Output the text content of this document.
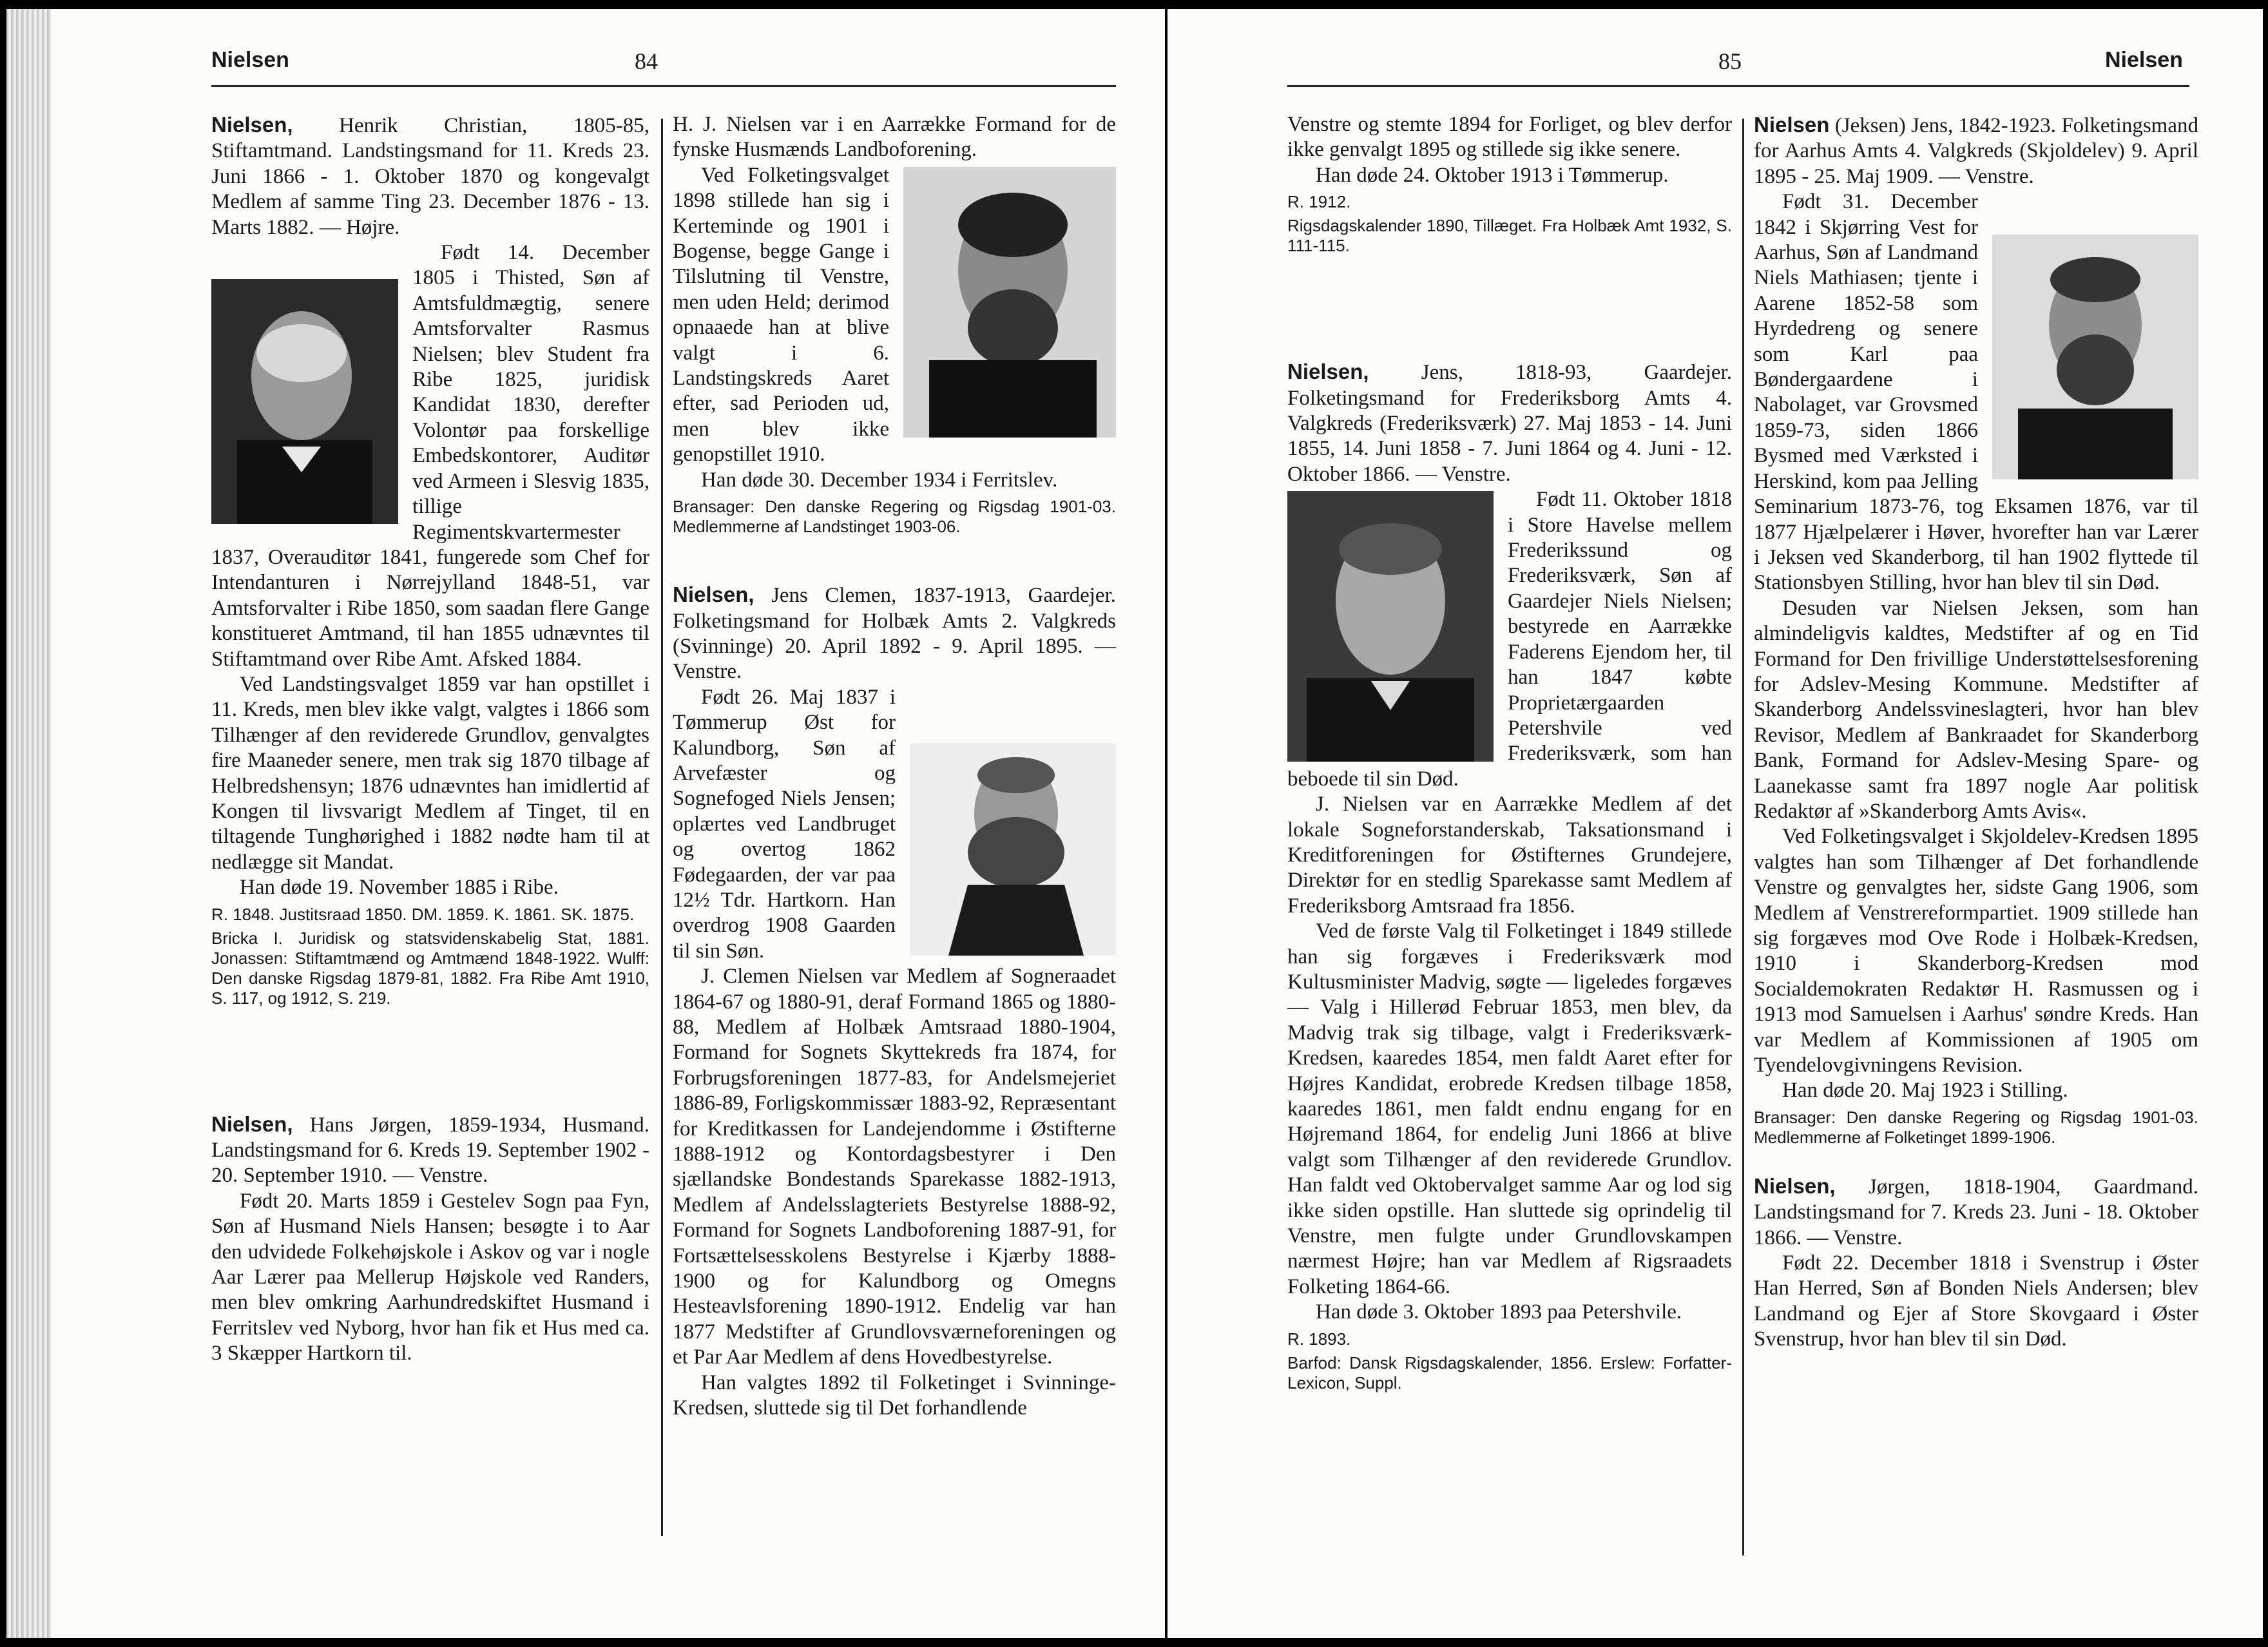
Nielsen	84

Nielsen, Henrik Christian, 1805-85, Stiftamtmand. Landstingsmand for 11. Kreds 23. Juni 1866 - 1. Oktober 1870 og kongevalgt Medlem af samme Ting 23. December 1876 - 13. Marts 1882. — Højre.

Født 14. December 1805 i Thisted, Søn af Amtsfuldmægtig, senere Amtsforvalter Rasmus Nielsen; blev Student fra Ribe 1825, juridisk Kandidat 1830, derefter Volontør paa forskellige Embedskontorer, Auditør ved Armeen i Slesvig 1835, tillige Regimentskvartermester 1837, Overauditør 1841, fungerede som Chef for Intendanturen i Nørrejylland 1848-51, var Amtsforvalter i Ribe 1850, som saadan flere Gange konstitueret Amtmand, til han 1855 udnævntes til Stiftamtmand over Ribe Amt. Afsked 1884.

Ved Landstingsvalget 1859 var han opstillet i 11. Kreds, men blev ikke valgt, valgtes i 1866 som Tilhænger af den reviderede Grundlov, genvalgtes fire Maaneder senere, men trak sig 1870 tilbage af Helbredshensyn; 1876 udnævntes han imidlertid af Kongen til livsvarigt Medlem af Tinget, til en tiltagende Tunghørighed i 1882 nødte ham til at nedlægge sit Mandat.

Han døde 19. November 1885 i Ribe.

R. 1848. Justitsraad 1850. DM. 1859. K. 1861. SK. 1875.

Bricka I. Juridisk og statsvidenskabelig Stat, 1881. Jonassen: Stiftamtmænd og Amtmænd 1848-1922. Wulff: Den danske Rigsdag 1879-81, 1882. Fra Ribe Amt 1910, S. 117, og 1912, S. 219.

Nielsen, Hans Jørgen, 1859-1934, Husmand. Landstingsmand for 6. Kreds 19. September 1902 - 20. September 1910. — Venstre.

Født 20. Marts 1859 i Gestelev Sogn paa Fyn, Søn af Husmand Niels Hansen; besøgte i to Aar den udvidede Folkehøjskole i Askov og var i nogle Aar Lærer paa Mellerup Højskole ved Randers, men blev omkring Aarhundredskiftet Husmand i Ferritslev ved Nyborg, hvor han fik et Hus med ca. 3 Skæpper Hartkorn til.

H. J. Nielsen var i en Aarrække Formand for de fynske Husmænds Landboforening.

Ved Folketingsvalget 1898 stillede han sig i Kerteminde og 1901 i Bogense, begge Gange i Tilslutning til Venstre, men uden Held; derimod opnaaede han at blive valgt i 6. Landstingskreds Aaret efter, sad Perioden ud, men blev ikke genopstillet 1910.

Han døde 30. December 1934 i Ferritslev.

Bransager: Den danske Regering og Rigsdag 1901-03. Medlemmerne af Landstinget 1903-06.

Nielsen, Jens Clemen, 1837-1913, Gaardejer. Folketingsmand for Holbæk Amts 2. Valgkreds (Svinninge) 20. April 1892 - 9. April 1895. — Venstre.

Født 26. Maj 1837 i Tømmerup Øst for Kalundborg, Søn af Arvefæster og Sognefoged Niels Jensen; oplærtes ved Landbruget og overtog 1862 Fødegaarden, der var paa 12½ Tdr. Hartkorn. Han overdrog 1908 Gaarden til sin Søn.

J. Clemen Nielsen var Medlem af Sogneraadet 1864-67 og 1880-91, deraf Formand 1865 og 1880-88, Medlem af Holbæk Amtsraad 1880-1904, Formand for Sognets Skyttekreds fra 1874, for Forbrugsforeningen 1877-83, for Andelsmejeriet 1886-89, Forligskommissær 1883-92, Repræsentant for Kreditkassen for Landejendomme i Østifterne 1888-1912 og Kontordagsbestyrer i Den sjællandske Bondestands Sparekasse 1882-1913, Medlem af Andelsslagteriets Bestyrelse 1888-92, Formand for Sognets Landboforening 1887-91, for Fortsættelsesskolens Bestyrelse i Kjærby 1888-1900 og for Kalundborg og Omegns Hesteavlsforening 1890-1912. Endelig var han 1877 Medstifter af Grundlovsværneforeningen og et Par Aar Medlem af dens Hovedbestyrelse.

Han valgtes 1892 til Folketinget i Svinninge-Kredsen, sluttede sig til Det forhandlende

85	Nielsen

Venstre og stemte 1894 for Forliget, og blev derfor ikke genvalgt 1895 og stillede sig ikke senere.

Han døde 24. Oktober 1913 i Tømmerup.

R. 1912.

Rigsdagskalender 1890, Tillæget. Fra Holbæk Amt 1932, S. 111-115.

Nielsen, Jens, 1818-93, Gaardejer. Folketingsmand for Frederiksborg Amts 4. Valgkreds (Frederiksværk) 27. Maj 1853 - 14. Juni 1855, 14. Juni 1858 - 7. Juni 1864 og 4. Juni - 12. Oktober 1866. — Venstre.

Født 11. Oktober 1818 i Store Havelse mellem Frederikssund og Frederiksværk, Søn af Gaardejer Niels Nielsen; bestyrede en Aarrække Faderens Ejendom her, til han 1847 købte Proprietærgaarden Petershvile ved Frederiksværk, som han beboede til sin Død.

J. Nielsen var en Aarrække Medlem af det lokale Sogneforstanderskab, Taksationsmand i Kreditforeningen for Østifternes Grundejere, Direktør for en stedlig Sparekasse samt Medlem af Frederiksborg Amtsraad fra 1856.

Ved de første Valg til Folketinget i 1849 stillede han sig forgæves i Frederiksværk mod Kultusminister Madvig, søgte — ligeledes forgæves — Valg i Hillerød Februar 1853, men blev, da Madvig trak sig tilbage, valgt i Frederiksværk-Kredsen, kaaredes 1854, men faldt Aaret efter for Højres Kandidat, erobrede Kredsen tilbage 1858, kaaredes 1861, men faldt endnu engang for en Højremand 1864, for endelig Juni 1866 at blive valgt som Tilhænger af den reviderede Grundlov. Han faldt ved Oktobervalget samme Aar og lod sig ikke siden opstille. Han sluttede sig oprindelig til Venstre, men fulgte under Grundlovskampen nærmest Højre; han var Medlem af Rigsraadets Folketing 1864-66.

Han døde 3. Oktober 1893 paa Petershvile.

R. 1893.

Barfod: Dansk Rigsdagskalender, 1856. Erslew: Forfatter-Lexicon, Suppl.

Nielsen (Jeksen) Jens, 1842-1923. Folketingsmand for Aarhus Amts 4. Valgkreds (Skjoldelev) 9. April 1895 - 25. Maj 1909. — Venstre.

Født 31. December 1842 i Skjørring Vest for Aarhus, Søn af Landmand Niels Mathiasen; tjente i Aarene 1852-58 som Hyrdedreng og senere som Karl paa Bøndergaardene i Nabolaget, var Grovsmed 1859-73, siden 1866 Bysmed med Værksted i Herskind, kom paa Jelling Seminarium 1873-76, tog Eksamen 1876, var til 1877 Hjælpelærer i Høver, hvorefter han var Lærer i Jeksen ved Skanderborg, til han 1902 flyttede til Stationsbyen Stilling, hvor han blev til sin Død.

Desuden var Nielsen Jeksen, som han almindeligvis kaldtes, Medstifter af og en Tid Formand for Den frivillige Understøttelsesforening for Adslev-Mesing Kommune. Medstifter af Skanderborg Andelssvineslagteri, hvor han blev Revisor, Medlem af Bankraadet for Skanderborg Bank, Formand for Adslev-Mesing Spare- og Laanekasse samt fra 1897 nogle Aar politisk Redaktør af »Skanderborg Amts Avis«.

Ved Folketingsvalget i Skjoldelev-Kredsen 1895 valgtes han som Tilhænger af Det forhandlende Venstre og genvalgtes her, sidste Gang 1906, som Medlem af Venstrereformpartiet. 1909 stillede han sig forgæves mod Ove Rode i Holbæk-Kredsen, 1910 i Skanderborg-Kredsen mod Socialdemokraten Redaktør H. Rasmussen og i 1913 mod Samuelsen i Aarhus' søndre Kreds. Han var Medlem af Kommissionen af 1905 om Tyendelovgivningens Revision.

Han døde 20. Maj 1923 i Stilling.

Bransager: Den danske Regering og Rigsdag 1901-03. Medlemmerne af Folketinget 1899-1906.

Nielsen, Jørgen, 1818-1904, Gaardmand. Landstingsmand for 7. Kreds 23. Juni - 18. Oktober 1866. — Venstre.

Født 22. December 1818 i Svenstrup i Øster Han Herred, Søn af Bonden Niels Andersen; blev Landmand og Ejer af Store Skovgaard i Øster Svenstrup, hvor han blev til sin Død.
